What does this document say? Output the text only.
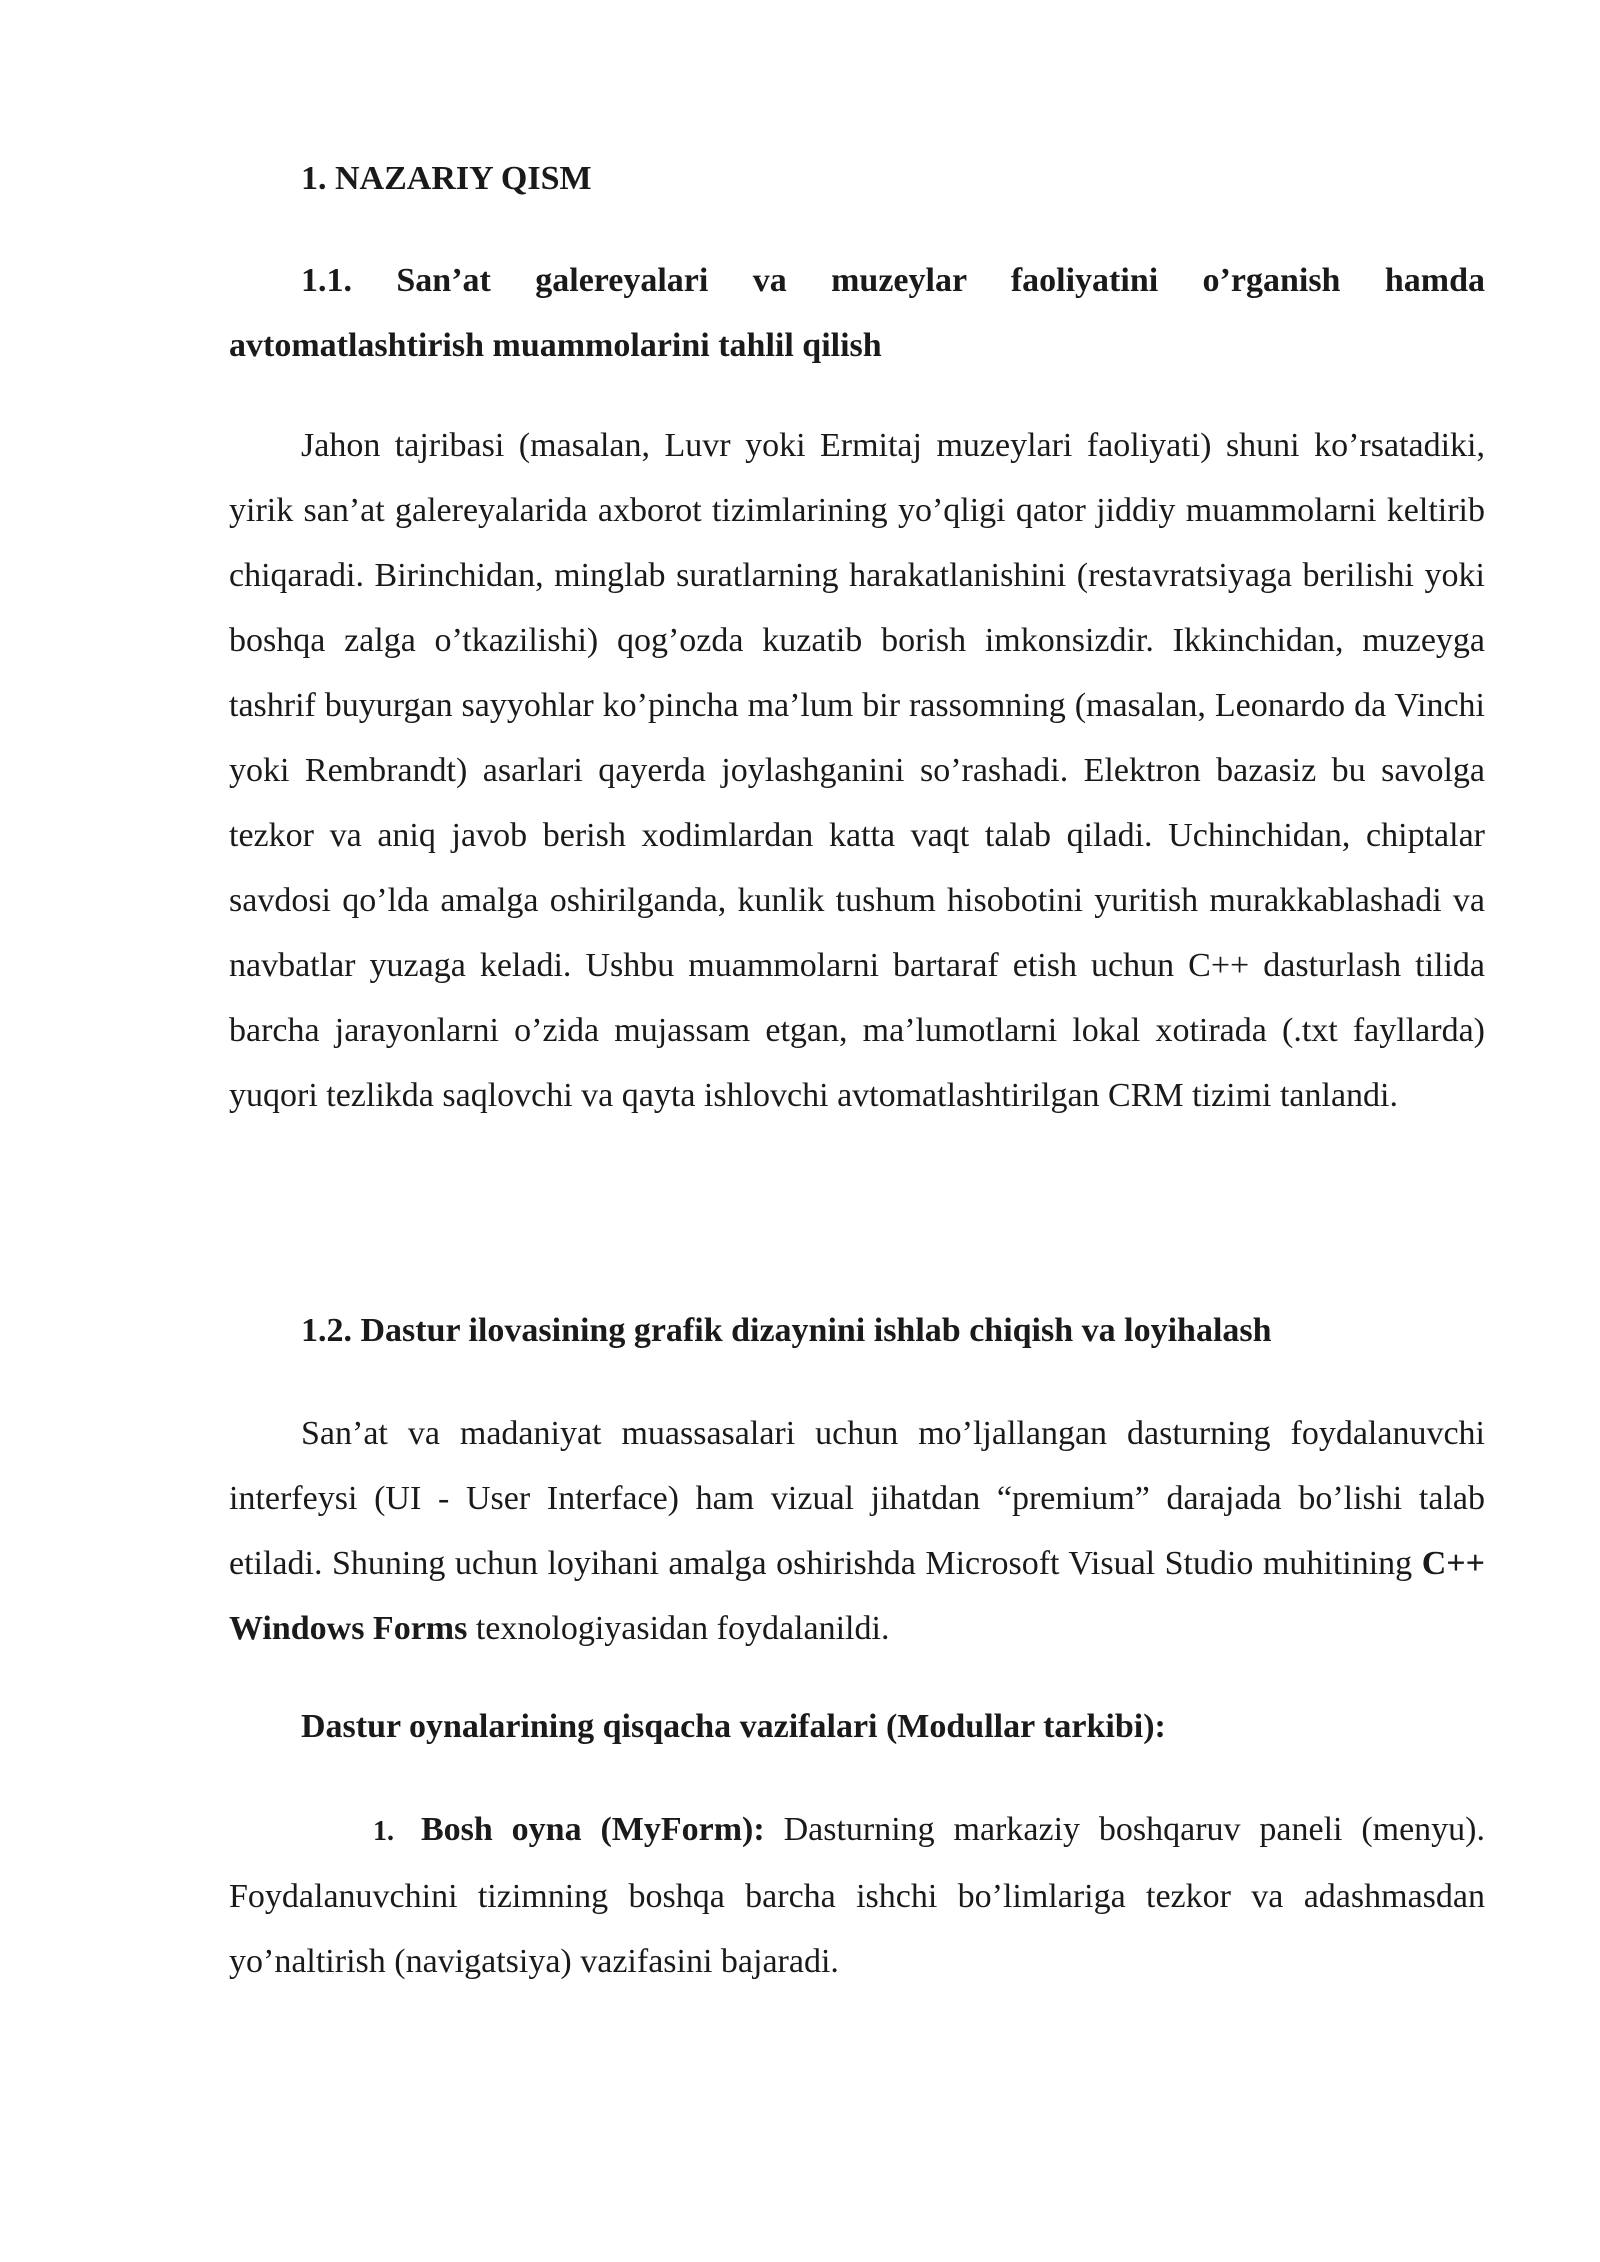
1. NAZARIY QISM

1.1. San’at galereyalari va muzeylar faoliyatini o’rganish hamda avtomatlashtirish muammolarini tahlil qilish

Jahon tajribasi (masalan, Luvr yoki Ermitaj muzeylari faoliyati) shuni ko’rsatadiki, yirik san’at galereyalarida axborot tizimlarining yo’qligi qator jiddiy muammolarni keltirib chiqaradi. Birinchidan, minglab suratlarning harakatlanishini (restavratsiyaga berilishi yoki boshqa zalga o’tkazilishi) qog’ozda kuzatib borish imkonsizdir. Ikkinchidan, muzeyga tashrif buyurgan sayyohlar ko’pincha ma’lum bir rassomning (masalan, Leonardo da Vinchi yoki Rembrandt) asarlari qayerda joylashganini so’rashadi. Elektron bazasiz bu savolga tezkor va aniq javob berish xodimlardan katta vaqt talab qiladi. Uchinchidan, chiptalar savdosi qo’lda amalga oshirilganda, kunlik tushum hisobotini yuritish murakkablashadi va navbatlar yuzaga keladi. Ushbu muammolarni bartaraf etish uchun C++ dasturlash tilida barcha jarayonlarni o’zida mujassam etgan, ma’lumotlarni lokal xotirada (.txt fayllarda) yuqori tezlikda saqlovchi va qayta ishlovchi avtomatlashtirilgan CRM tizimi tanlandi.

1.2. Dastur ilovasining grafik dizaynini ishlab chiqish va loyihalash

San’at va madaniyat muassasalari uchun mo’ljallangan dasturning foydalanuvchi interfeysi (UI - User Interface) ham vizual jihatdan “premium” darajada bo’lishi talab etiladi. Shuning uchun loyihani amalga oshirishda Microsoft Visual Studio muhitining C++ Windows Forms texnologiyasidan foydalanildi.

Dastur oynalarining qisqacha vazifalari (Modullar tarkibi):

1. Bosh oyna (MyForm): Dasturning markaziy boshqaruv paneli (menyu). Foydalanuvchini tizimning boshqa barcha ishchi bo’limlariga tezkor va adashmasdan yo’naltirish (navigatsiya) vazifasini bajaradi.
